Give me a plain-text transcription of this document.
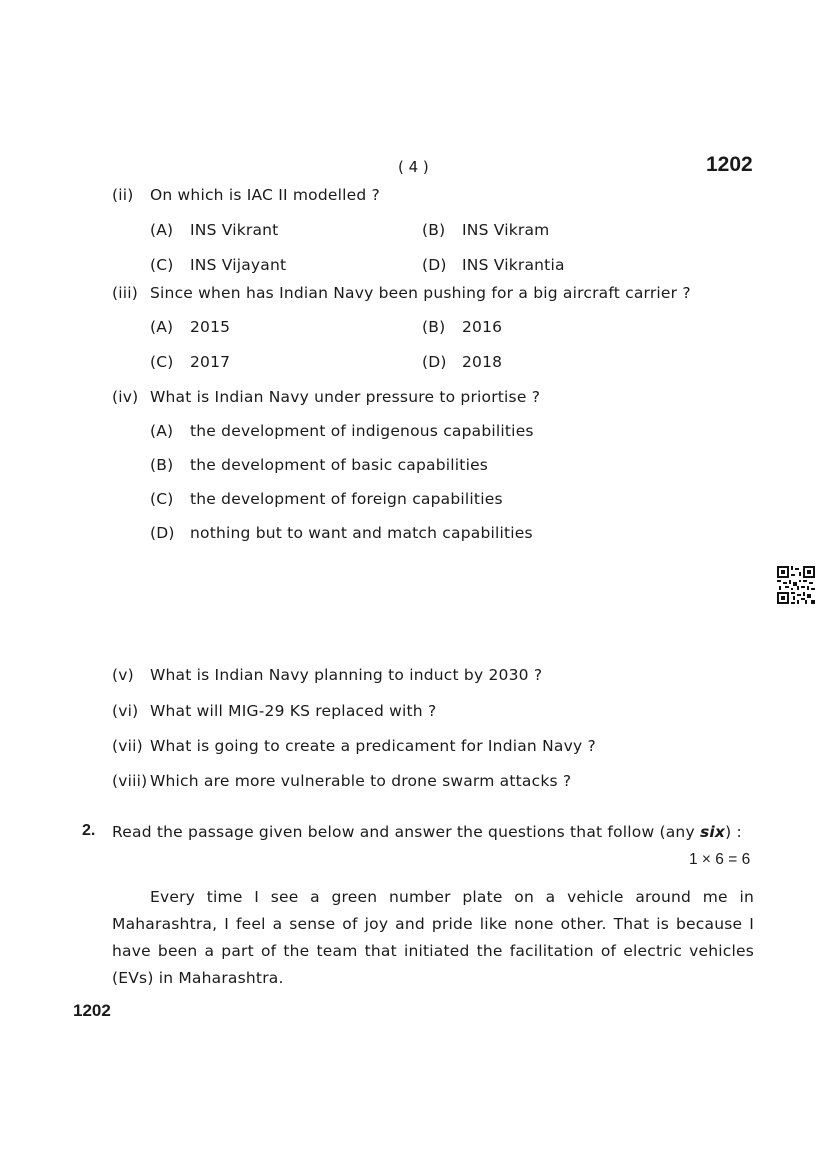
( 4 )	1202
(ii) On which is IAC II modelled ?
(A) INS Vikrant	(B) INS Vikram
(C) INS Vijayant	(D) INS Vikrantia
(iii) Since when has Indian Navy been pushing for a big aircraft carrier ?
(A) 2015	(B) 2016
(C) 2017	(D) 2018
(iv) What is Indian Navy under pressure to priortise ?
(A) the development of indigenous capabilities
(B) the development of basic capabilities
(C) the development of foreign capabilities
(D) nothing but to want and match capabilities
(v) What is Indian Navy planning to induct by 2030 ?
(vi) What will MIG-29 KS replaced with ?
(vii) What is going to create a predicament for Indian Navy ?
(viii) Which are more vulnerable to drone swarm attacks ?
2. Read the passage given below and answer the questions that follow (any six) :
1 × 6 = 6
Every time I see a green number plate on a vehicle around me in Maharashtra, I feel a sense of joy and pride like none other. That is because I have been a part of the team that initiated the facilitation of electric vehicles (EVs) in Maharashtra.
1202
